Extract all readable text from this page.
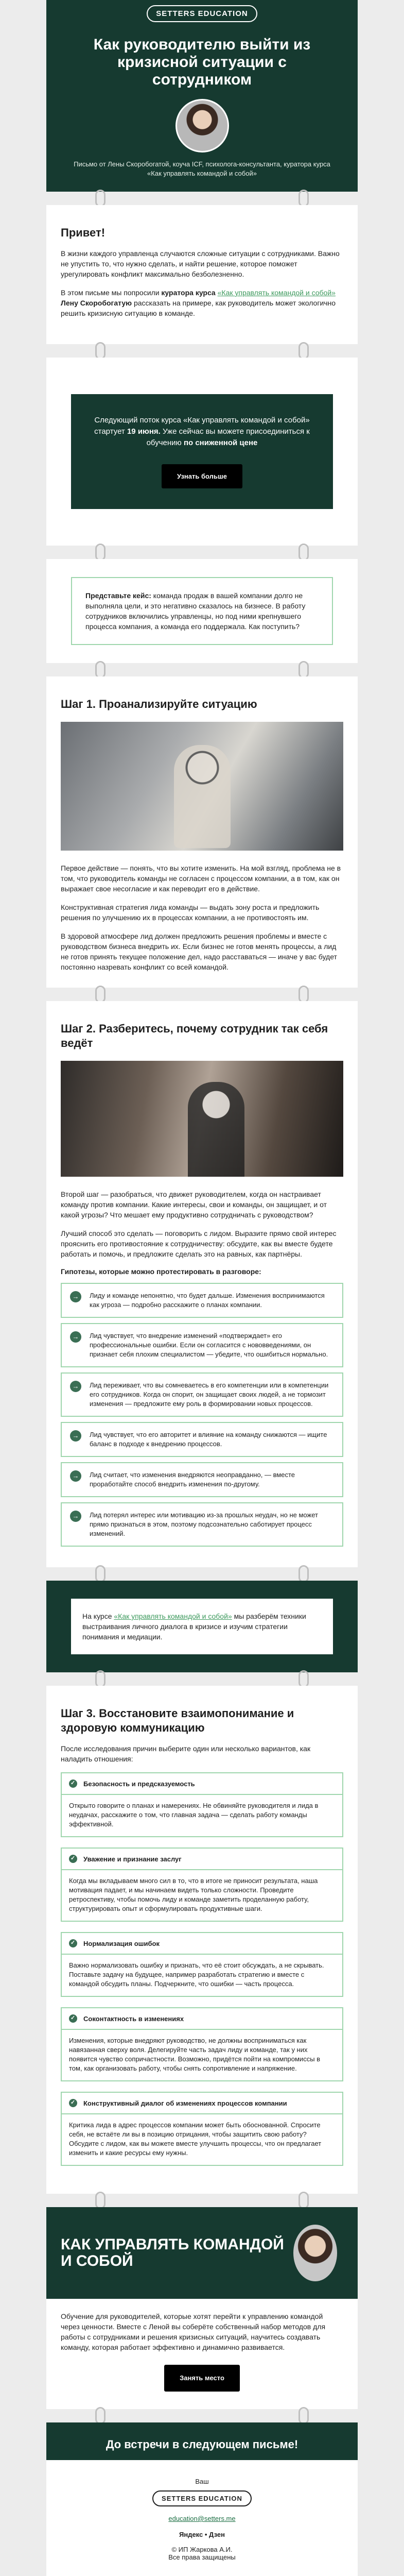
SETTERS EDUCATION
Как руководителю выйти из кризисной ситуации с сотрудником

Письмо от Лены Скоробогатой, коуча ICF, психолога-консультанта, куратора курса «Как управлять командой и собой»

Привет!

В жизни каждого управленца случаются сложные ситуации с сотрудниками. Важно не упустить то, что нужно сделать, и найти решение, которое поможет урегулировать конфликт максимально безболезненно.

В этом письме мы попросили куратора курса «Как управлять командой и собой» Лену Скоробогатую рассказать на примере, как руководитель может экологично решить кризисную ситуацию в команде.

Следующий поток курса «Как управлять командой и собой» стартует 19 июня. Уже сейчас вы можете присоединиться к обучению по сниженной цене

Узнать больше

Представьте кейс: команда продаж в вашей компании долго не выполняла цели, и это негативно сказалось на бизнесе. В работу сотрудников включились управленцы, но под ними крепнувшего процесса компания, а команда его поддержала. Как поступить?

Шаг 1. Проанализируйте ситуацию

Первое действие — понять, что вы хотите изменить. На мой взгляд, проблема не в том, что руководитель команды не согласен с процессом компании, а в том, как он выражает свое несогласие и как переводит его в действие.

Конструктивная стратегия лида команды — выдать зону роста и предложить решения по улучшению их в процессах компании, а не противостоять им.

В здоровой атмосфере лид должен предложить решения проблемы и вместе с руководством бизнеса внедрить их. Если бизнес не готов менять процессы, а лид не готов принять текущее положение дел, надо расставаться — иначе у вас будет постоянно назревать конфликт со всей командой.

Шаг 2. Разберитесь, почему сотрудник так себя ведёт

Второй шаг — разобраться, что движет руководителем, когда он настраивает команду против компании. Какие интересы, свои и команды, он защищает, и от какой угрозы? Что мешает ему продуктивно сотрудничать с руководством?

Лучший способ это сделать — поговорить с лидом. Выразите прямо свой интерес прояснить его противостояние к сотрудничеству: обсудите, как вы вместе будете работать и помочь, и предложите сделать это на равных, как партнёры.

Гипотезы, которые можно протестировать в разговоре:
→	Лиду и команде непонятно, что будет дальше. Изменения воспринимаются как угроза — подробно расскажите о планах компании.
→	Лид чувствует, что внедрение изменений «подтверждает» его профессиональные ошибки. Если он согласится с нововведениями, он признает себя плохим специалистом — убедите, что ошибиться нормально.
→	Лид переживает, что вы сомневаетесь в его компетенции или в компетенции его сотрудников. Когда он спорит, он защищает своих людей, а не тормозит изменения — предложите ему роль в формировании новых процессов.
→	Лид чувствует, что его авторитет и влияние на команду снижаются — ищите баланс в подходе к внедрению процессов.
→	Лид считает, что изменения внедряются неоправданно, — вместе проработайте способ внедрить изменения по-другому.
→	Лид потерял интерес или мотивацию из-за прошлых неудач, но не может прямо признаться в этом, поэтому подсознательно саботирует процесс изменений.

На курсе «Как управлять командой и собой» мы разберём техники выстраивания личного диалога в кризисе и изучим стратегии понимания и медиации.

Шаг 3. Восстановите взаимопонимание и здоровую коммуникацию

После исследования причин выберите один или несколько вариантов, как наладить отношения:

✓
Безопасность и предсказуемость

Открыто говорите о планах и намерениях. Не обвиняйте руководителя и лида в неудачах, расскажите о том, что главная задача — сделать работу команды эффективной.

✓
Уважение и признание заслуг

Когда мы вкладываем много сил в то, что в итоге не приносит результата, наша мотивация падает, и мы начинаем видеть только сложности. Проведите ретроспективу, чтобы помочь лиду и команде заметить проделанную работу, структурировать опыт и сформулировать продуктивные шаги.

✓
Нормализация ошибок

Важно нормализовать ошибку и признать, что её стоит обсуждать, а не скрывать. Поставьте задачу на будущее, например разработать стратегию и вместе с командой обсудить планы. Подчеркните, что ошибки — часть процесса.

✓
Соконтактность в изменениях

Изменения, которые внедряют руководство, не должны восприниматься как навязанная сверху воля. Делегируйте часть задач лиду и команде, так у них появится чувство сопричастности. Возможно, придётся пойти на компромиссы в том, как организовать работу, чтобы снять сопротивление и напряжение.

✓
Конструктивный диалог об изменениях процессов компании

Критика лида в адрес процессов компании может быть обоснованной. Спросите себя, не встаёте ли вы в позицию отрицания, чтобы защитить свою работу? Обсудите с лидом, как вы можете вместе улучшить процессы, что он предлагает изменить и какие ресурсы ему нужны.

КАК УПРАВЛЯТЬ КОМАНДОЙ И СОБОЙ

Обучение для руководителей, которые хотят перейти к управлению командой через ценности. Вместе с Леной вы соберёте собственный набор методов для работы с сотрудниками и решения кризисных ситуаций, научитесь создавать команду, которая работает эффективно и динамично развивается.

Занять место
До встречи в следующем письме!
Ваш
SETTERS EDUCATION
education@setters.me
Яндекс • Дзен
© ИП Жаркова А.И.
Все права защищены
